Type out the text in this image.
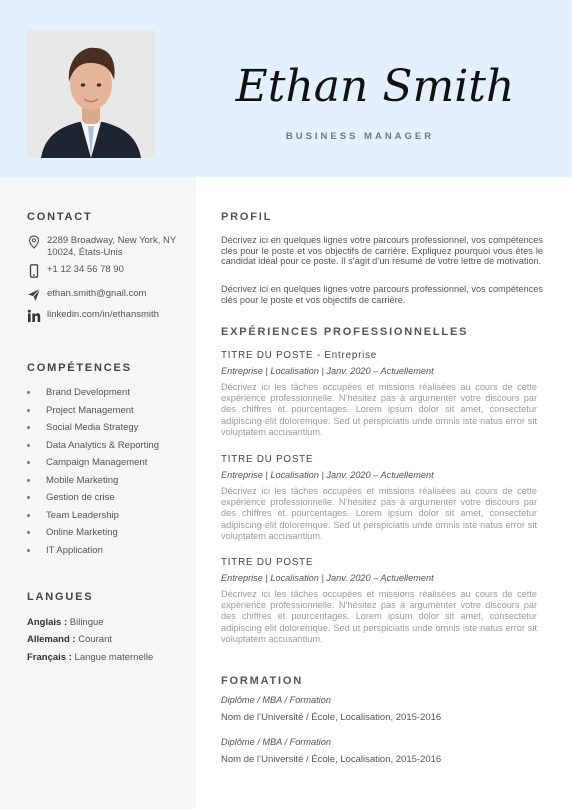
Ethan Smith
BUSINESS MANAGER
CONTACT
2289 Broadway, New York, NY
10024, États-Unis
+1 12 34 56 78 90
ethan.smith@gnail.com
linkedin.com/in/ethansmith
COMPÉTENCES
Brand Development
Project Management
Social Media Strategy
Data Analytics & Reporting
Campaign Management
Mobile Marketing
Gestion de crise
Team Leadership
Online Marketing
IT Application
LANGUES
Anglais : Bilingue
Allemand : Courant
Français : Langue maternelle
PROFIL
Décrivez ici en quelques lignes votre parcours professionnel, vos compétences clés pour le poste et vos objectifs de carrière. Expliquez pourquoi vous êtes le candidat idéal pour ce poste. Il s’agit d’un résumé de votre lettre de motivation.
Décrivez ici en quelques lignes votre parcours professionnel, vos compétences clés pour le poste et vos objectifs de carrière.
EXPÉRIENCES PROFESSIONNELLES
TITRE DU POSTE - Entreprise
Entreprise | Localisation | Janv. 2020 – Actuellement
Décrivez ici les tâches occupées et missions réalisées au cours de cette expérience professionnelle. N’hésitez pas à argumenter votre discours par des chiffres et pourcentages. Lorem ipsum dolor sit amet, consectetur adipiscing elit doloremque. Sed ut perspiciatis unde omnis iste natus error sit voluptatem accusantium.
TITRE DU POSTE
Entreprise | Localisation | Janv. 2020 – Actuellement
Décrivez ici les tâches occupées et missions réalisées au cours de cette expérience professionnelle. N’hésitez pas à argumenter votre discours par des chiffres et pourcentages. Lorem ipsum dolor sit amet, consectetur adipiscing elit doloremque. Sed ut perspiciatis unde omnis iste natus error sit voluptatem accusantium.
TITRE DU POSTE
Entreprise | Localisation | Janv. 2020 – Actuellement
Décrivez ici les tâches occupées et missions réalisées au cours de cette expérience professionnelle. N’hésitez pas à argumenter votre discours par des chiffres et pourcentages. Lorem ipsum dolor sit amet, consectetur adipiscing elit doloremque. Sed ut perspiciatis unde omnis iste natus error sit voluptatem accusantium.
FORMATION
Diplôme / MBA / Formation
Nom de l’Université / École, Localisation, 2015-2016
Diplôme / MBA / Formation
Nom de l’Université / École, Localisation, 2015-2016
